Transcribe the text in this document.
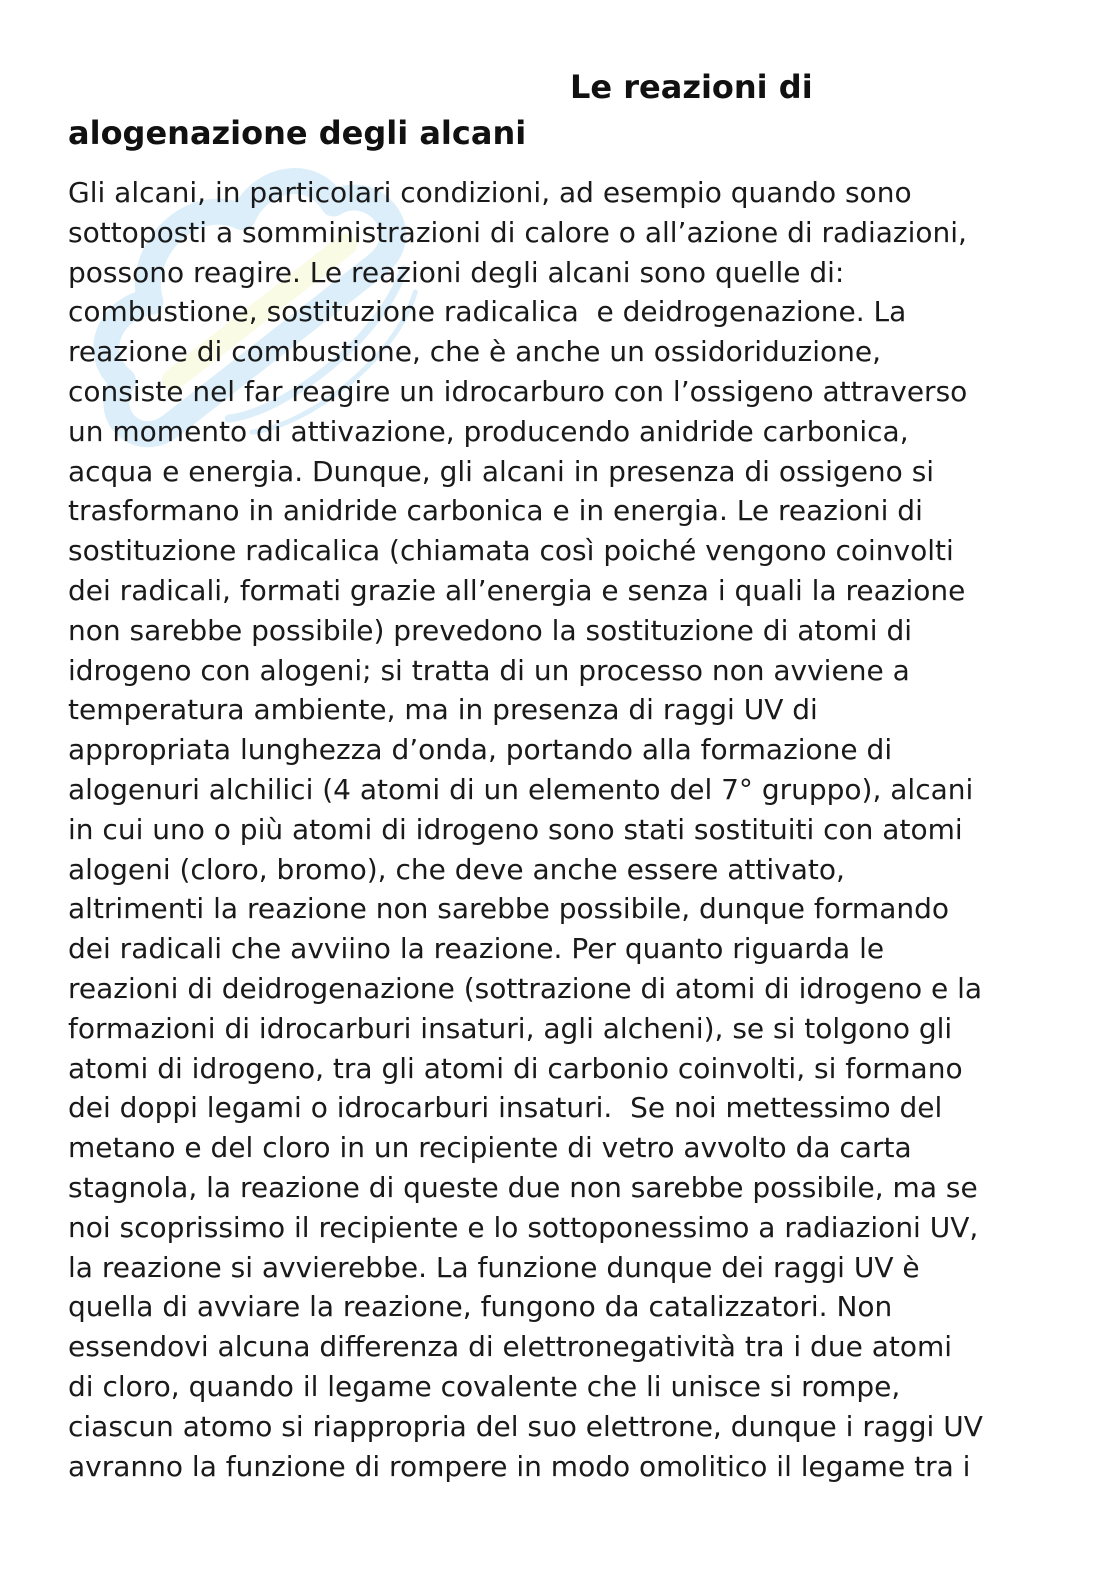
Le reazioni di
alogenazione degli alcani
Gli alcani, in particolari condizioni, ad esempio quando sono
sottoposti a somministrazioni di calore o all’azione di radiazioni,
possono reagire. Le reazioni degli alcani sono quelle di:
combustione, sostituzione radicalica  e deidrogenazione. La
reazione di combustione, che è anche un ossidoriduzione,
consiste nel far reagire un idrocarburo con l’ossigeno attraverso
un momento di attivazione, producendo anidride carbonica,
acqua e energia. Dunque, gli alcani in presenza di ossigeno si
trasformano in anidride carbonica e in energia. Le reazioni di
sostituzione radicalica (chiamata così poiché vengono coinvolti
dei radicali, formati grazie all’energia e senza i quali la reazione
non sarebbe possibile) prevedono la sostituzione di atomi di
idrogeno con alogeni; si tratta di un processo non avviene a
temperatura ambiente, ma in presenza di raggi UV di
appropriata lunghezza d’onda, portando alla formazione di
alogenuri alchilici (4 atomi di un elemento del 7° gruppo), alcani
in cui uno o più atomi di idrogeno sono stati sostituiti con atomi
alogeni (cloro, bromo), che deve anche essere attivato,
altrimenti la reazione non sarebbe possibile, dunque formando
dei radicali che avviino la reazione. Per quanto riguarda le
reazioni di deidrogenazione (sottrazione di atomi di idrogeno e la
formazioni di idrocarburi insaturi, agli alcheni), se si tolgono gli
atomi di idrogeno, tra gli atomi di carbonio coinvolti, si formano
dei doppi legami o idrocarburi insaturi.  Se noi mettessimo del
metano e del cloro in un recipiente di vetro avvolto da carta
stagnola, la reazione di queste due non sarebbe possibile, ma se
noi scoprissimo il recipiente e lo sottoponessimo a radiazioni UV,
la reazione si avvierebbe. La funzione dunque dei raggi UV è
quella di avviare la reazione, fungono da catalizzatori. Non
essendovi alcuna differenza di elettronegatività tra i due atomi
di cloro, quando il legame covalente che li unisce si rompe,
ciascun atomo si riappropria del suo elettrone, dunque i raggi UV
avranno la funzione di rompere in modo omolitico il legame tra i
